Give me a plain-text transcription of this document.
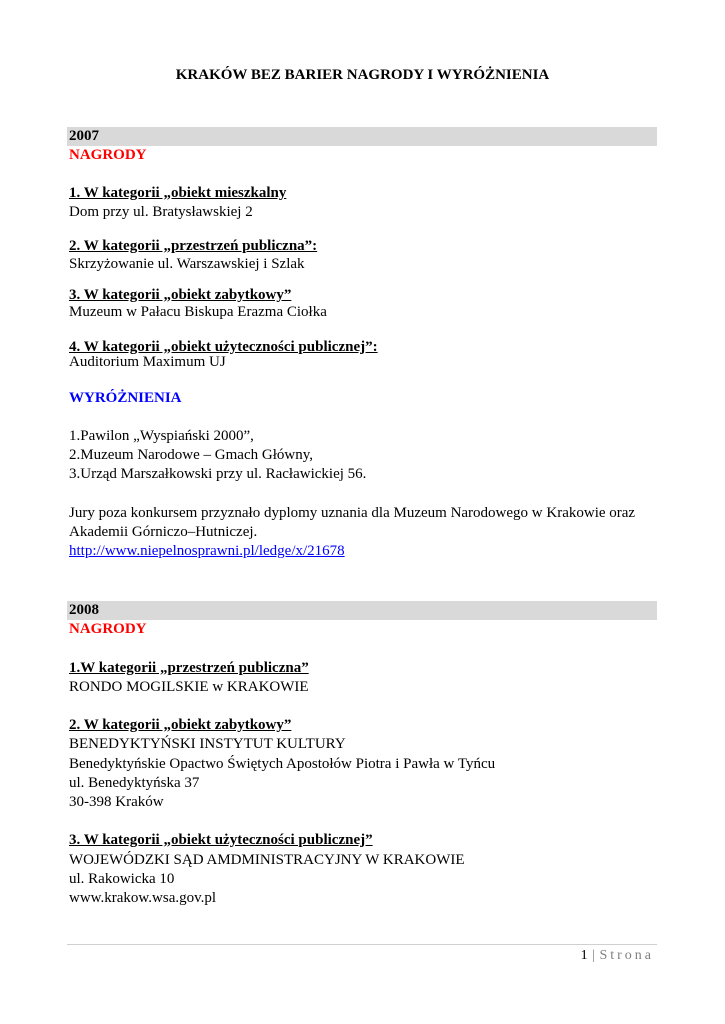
KRAKÓW BEZ BARIER NAGRODY I WYRÓŻNIENIA
2007
NAGRODY
1. W kategorii „obiekt mieszkalny
Dom przy ul. Bratysławskiej 2
2. W kategorii „przestrzeń publiczna”:
Skrzyżowanie ul. Warszawskiej i Szlak
3. W kategorii „obiekt zabytkowy”
Muzeum w Pałacu Biskupa Erazma Ciołka
4. W kategorii „obiekt użyteczności publicznej”:
Auditorium Maximum UJ
WYRÓŻNIENIA
1.Pawilon „Wyspiański 2000”,
2.Muzeum Narodowe – Gmach Główny,
3.Urząd Marszałkowski przy ul. Racławickiej 56.
Jury poza konkursem przyznało dyplomy uznania dla Muzeum Narodowego w Krakowie oraz
Akademii Górniczo–Hutniczej.
http://www.niepelnosprawni.pl/ledge/x/21678
2008
NAGRODY
1.W kategorii „przestrzeń publiczna”
RONDO MOGILSKIE w KRAKOWIE
2. W kategorii „obiekt zabytkowy”
BENEDYKTYŃSKI INSTYTUT KULTURY
Benedyktyńskie Opactwo Świętych Apostołów Piotra i Pawła w Tyńcu
ul. Benedyktyńska 37
30-398 Kraków
3. W kategorii „obiekt użyteczności publicznej”
WOJEWÓDZKI SĄD AMDMINISTRACYJNY W KRAKOWIE
ul. Rakowicka 10
www.krakow.wsa.gov.pl
1 | Strona
